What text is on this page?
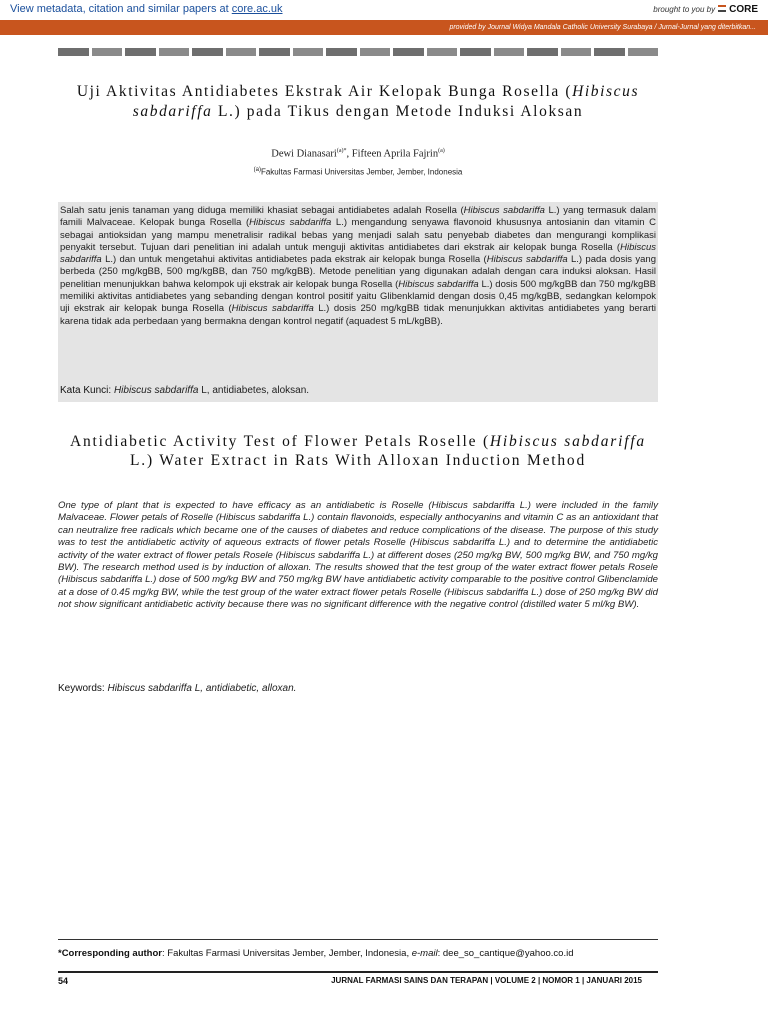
View metadata, citation and similar papers at core.ac.uk	brought to you by CORE
provided by
Journal Widya Mandala Catholic University Surabaya / Jurnal-Jurnal yang diterbitkan...
Uji Aktivitas Antidiabetes Ekstrak Air Kelopak Bunga Rosella (Hibiscus sabdariffa L.) pada Tikus dengan Metode Induksi Aloksan
Dewi Dianasari$^{(a)*}$, Fifteen Aprila Fajrin$^{(a)}$
$^{(a)}$Fakultas Farmasi Universitas Jember, Jember, Indonesia
Salah satu jenis tanaman yang diduga memiliki khasiat sebagai antidiabetes adalah Rosella (Hibiscus sabdariffa L.) yang termasuk dalam famili Malvaceae. Kelopak bunga Rosella (Hibiscus sabdariffa L.) mengandung senyawa flavonoid khususnya antosianin dan vitamin C sebagai antioksidan yang mampu menetralisir radikal bebas yang menjadi salah satu penyebab diabetes dan mengurangi komplikasi penyakit tersebut. Tujuan dari penelitian ini adalah untuk menguji aktivitas antidiabetes dari ekstrak air kelopak bunga Rosella (Hibiscus sabdariffa L.) dan untuk mengetahui aktivitas antidiabetes pada ekstrak air kelopak bunga Rosella (Hibiscus sabdariffa L.) pada dosis yang berbeda (250 mg/kgBB, 500 mg/kgBB, dan 750 mg/kgBB). Metode penelitian yang digunakan adalah dengan cara induksi aloksan. Hasil penelitian menunjukkan bahwa kelompok uji ekstrak air kelopak bunga Rosella (Hibiscus sabdariffa L.) dosis 500 mg/kgBB dan 750 mg/kgBB memiliki aktivitas antidiabetes yang sebanding dengan kontrol positif yaitu Glibenklamid dengan dosis 0,45 mg/kgBB, sedangkan kelompok uji ekstrak air kelopak bunga Rosella (Hibiscus sabdariffa L.) dosis 250 mg/kgBB tidak menunjukkan aktivitas antidiabetes yang berarti karena tidak ada perbedaan yang bermakna dengan kontrol negatif (aquadest 5 mL/kgBB).
Kata Kunci: Hibiscus sabdariffa L, antidiabetes, aloksan.
Antidiabetic Activity Test of Flower Petals Roselle (Hibiscus sabdariffa L.) Water Extract in Rats With Alloxan Induction Method
One type of plant that is expected to have efficacy as an antidiabetic is Roselle (Hibiscus sabdariffa L.) were included in the family Malvaceae. Flower petals of Roselle (Hibiscus sabdariffa L.) contain flavonoids, especially anthocyanins and vitamin C as an antioxidant that can neutralize free radicals which became one of the causes of diabetes and reduce complications of the disease. The purpose of this study was to test the antidiabetic activity of aqueous extracts of flower petals Roselle (Hibiscus sabdariffa L.) and to determine the antidiabetic activity of the water extract of flower petals Rosele (Hibiscus sabdariffa L.) at different doses (250 mg/kg BW, 500 mg/kg BW, and 750 mg/kg BW). The research method used is by induction of alloxan. The results showed that the test group of the water extract flower petals Rosele (Hibiscus sabdariffa L.) dose of 500 mg/kg BW and 750 mg/kg BW have antidiabetic activity comparable to the positive control Glibenclamide at a dose of 0.45 mg/kg BW, while the test group of the water extract flower petals Roselle (Hibiscus sabdariffa L.) dose of 250 mg/kg BW did not show significant antidiabetic activity because there was no significant difference with the negative control (distilled water 5 ml/kg BW).
Keywords: Hibiscus sabdariffa L, antidiabetic, alloxan.
*Corresponding author: Fakultas Farmasi Universitas Jember, Jember, Indonesia, e-mail: dee_so_cantique@yahoo.co.id
54	JURNAL FARMASI SAINS DAN TERAPAN | VOLUME 2 | NOMOR 1 | JANUARI 2015
